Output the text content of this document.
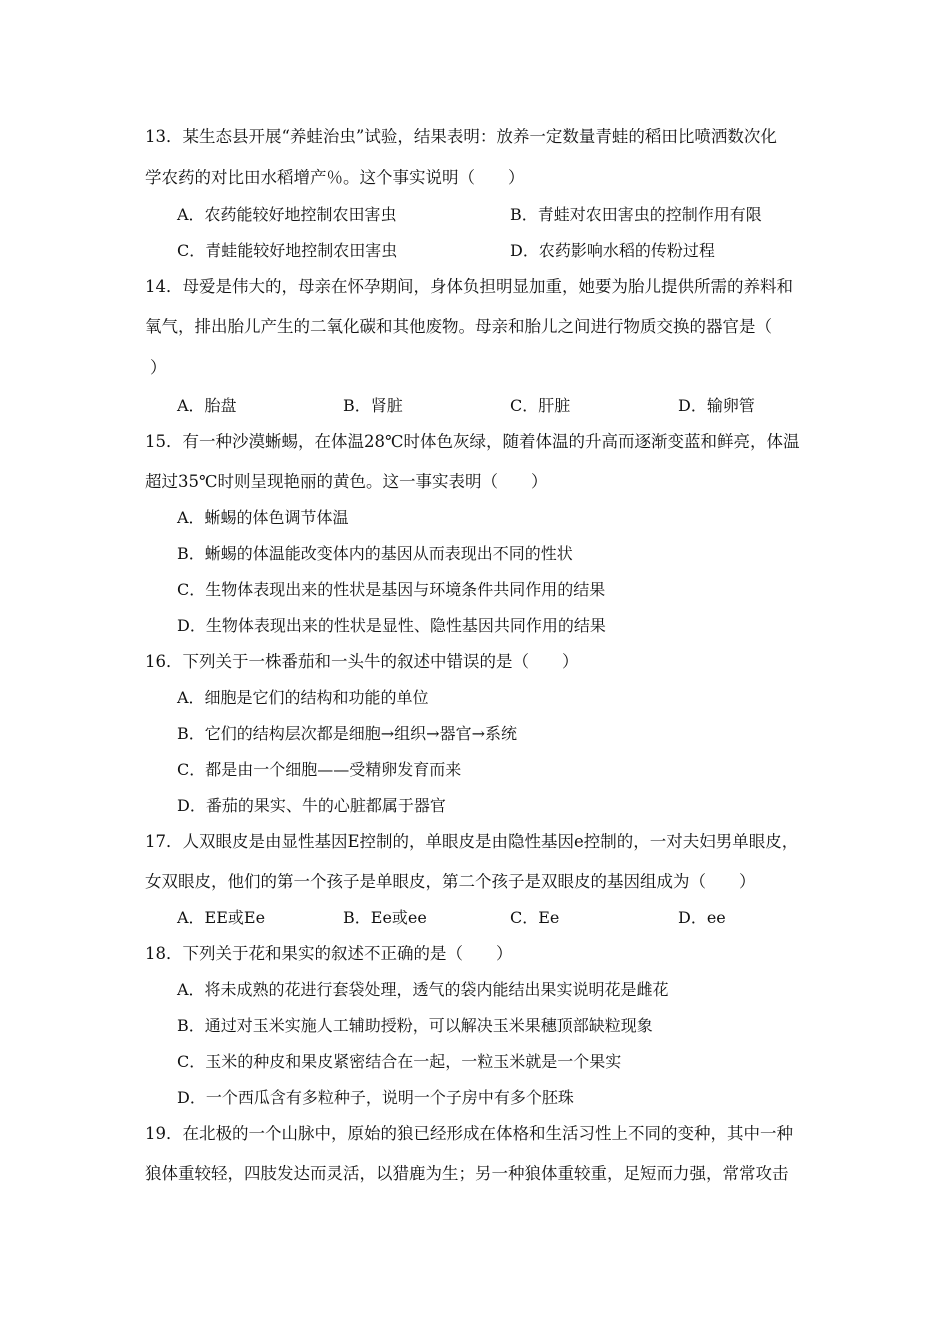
13．某生态县开展“养蛙治虫”试验，结果表明：放养一定数量青蛙的稻田比喷洒数次化
学农药的对比田水稻增产％。这个事实说明（　　）
A．农药能较好地控制农田害虫	B．青蛙对农田害虫的控制作用有限
C．青蛙能较好地控制农田害虫	D．农药影响水稻的传粉过程
14．母爱是伟大的，母亲在怀孕期间，身体负担明显加重，她要为胎儿提供所需的养料和
氧气，排出胎儿产生的二氧化碳和其他废物。母亲和胎儿之间进行物质交换的器官是（
）
A．胎盘	B．肾脏	C．肝脏	D．输卵管
15．有一种沙漠蜥蜴，在体温28℃时体色灰绿，随着体温的升高而逐渐变蓝和鲜亮，体温
超过35℃时则呈现艳丽的黄色。这一事实表明（　　）
A．蜥蜴的体色调节体温
B．蜥蜴的体温能改变体内的基因从而表现出不同的性状
C．生物体表现出来的性状是基因与环境条件共同作用的结果
D．生物体表现出来的性状是显性、隐性基因共同作用的结果
16．下列关于一株番茄和一头牛的叙述中错误的是（　　）
A．细胞是它们的结构和功能的单位
B．它们的结构层次都是细胞→组织→器官→系统
C．都是由一个细胞——受精卵发育而来
D．番茄的果实、牛的心脏都属于器官
17．人双眼皮是由显性基因E控制的，单眼皮是由隐性基因e控制的，一对夫妇男单眼皮，
女双眼皮，他们的第一个孩子是单眼皮，第二个孩子是双眼皮的基因组成为（　　）
A．EE或Ee	B．Ee或ee	C．Ee	D．ee
18．下列关于花和果实的叙述不正确的是（　　）
A．将未成熟的花进行套袋处理，透气的袋内能结出果实说明花是雌花
B．通过对玉米实施人工辅助授粉，可以解决玉米果穗顶部缺粒现象
C．玉米的种皮和果皮紧密结合在一起，一粒玉米就是一个果实
D．一个西瓜含有多粒种子，说明一个子房中有多个胚珠
19．在北极的一个山脉中，原始的狼已经形成在体格和生活习性上不同的变种，其中一种
狼体重较轻，四肢发达而灵活，以猎鹿为生；另一种狼体重较重，足短而力强，常常攻击
